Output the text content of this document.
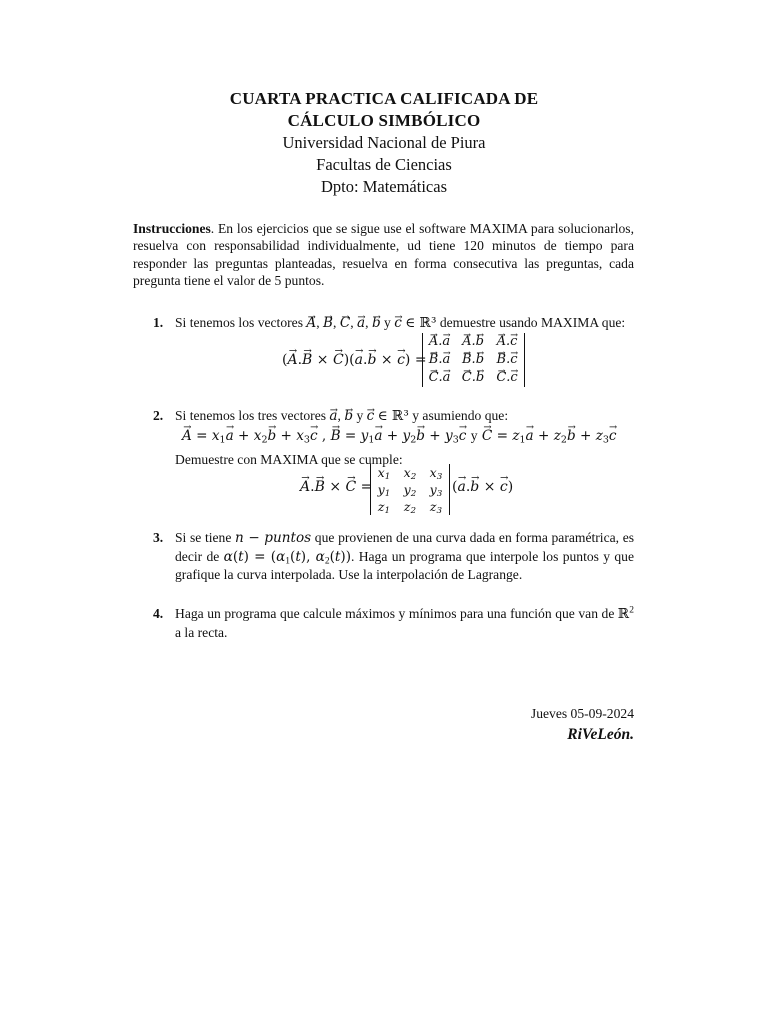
CUARTA PRACTICA CALIFICADA DE
CÁLCULO SIMBÓLICO
Universidad Nacional de Piura
Facultas de Ciencias
Dpto: Matemáticas
Instrucciones. En los ejercicios que se sigue use el software MAXIMA para solucionarlos, resuelva con responsabilidad individualmente, ud tiene 120 minutos de tiempo para responder las preguntas planteadas, resuelva en forma consecutiva las preguntas, cada pregunta tiene el valor de 5 puntos.
1. Si tenemos los vectores → A, → B, → C, → a, → b y → c ∈ ℝ³ demuestre usando MAXIMA que:
(→ A.→ B × → C)(→ a.→ b × → c) =
→ A.→ a → A.→ b → A.→ c
→ B.→ a → B.→ b → B.→ c
→ C.→ a → C.→ b → C.→ c
2. Si tenemos los tres vectores → a, → b y → c ∈ ℝ³ y asumiendo que:
→ $A = x_1\to a + x_2\to b + x_3\to c$ , → $B = y_1\to a + y_2\to b + y_3\to c$ $y \to C = z_1\to a + z_2\to b + z_3\to c$
Demuestre con MAXIMA que se cumple:
→ A.→ B × → C =
$x_1$	$x_2$	$x_3$
$y_1$	$y_2$	$y_3$
$z_1$	$z_2$	$z_3$
(→ a.→ b × → c)
3. Si se tiene n − puntos que provienen de una curva dada en forma paramétrica, es decir de $\alpha(t) = (\alpha_1(t)$, $\alpha_2(t)$). Haga un programa que interpole los puntos y que grafique la curva interpolada. Use la interpolación de Lagrange.
4. Haga un programa que calcule máximos y mínimos para una función que van de ℝ$^2$ a la recta.
Jueves 05-09-2024
RiVeLeón.
